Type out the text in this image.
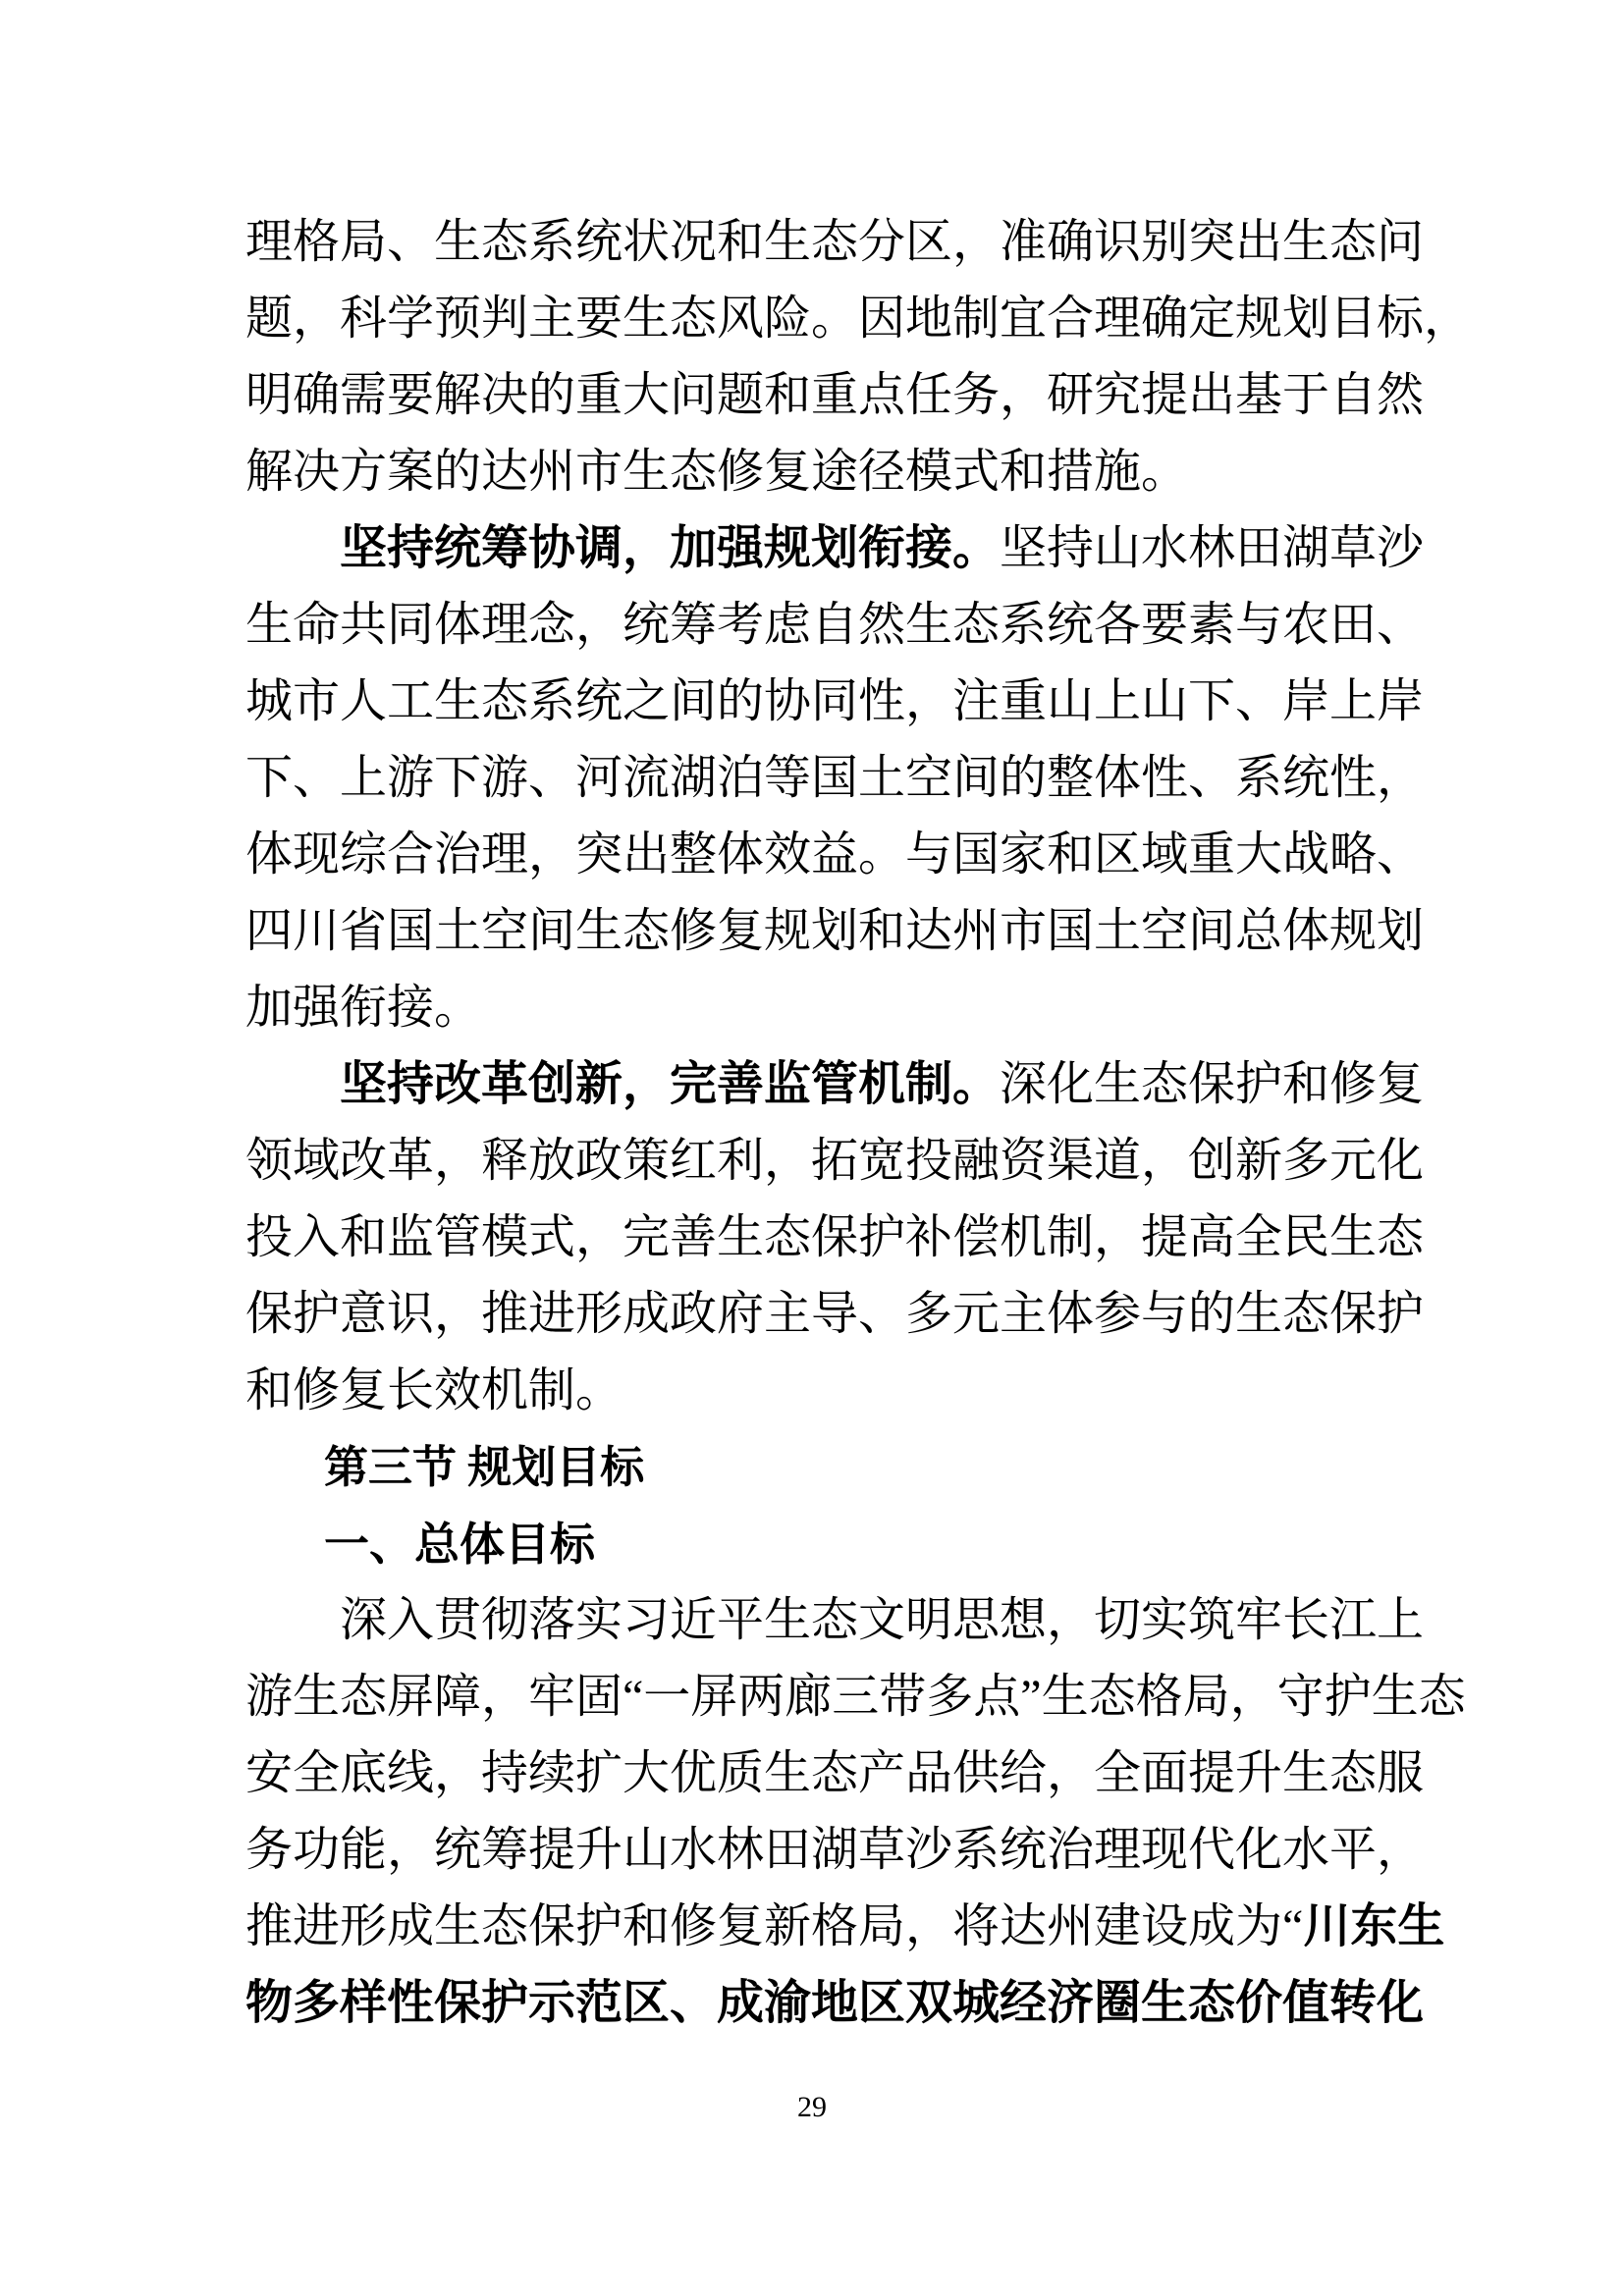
理格局、生态系统状况和生态分区，准确识别突出生态问
题，科学预判主要生态风险。因地制宜合理确定规划目标，
明确需要解决的重大问题和重点任务，研究提出基于自然
解决方案的达州市生态修复途径模式和措施。
坚持统筹协调，加强规划衔接。坚持山水林田湖草沙
生命共同体理念，统筹考虑自然生态系统各要素与农田、
城市人工生态系统之间的协同性，注重山上山下、岸上岸
下、上游下游、河流湖泊等国土空间的整体性、系统性，
体现综合治理，突出整体效益。与国家和区域重大战略、
四川省国土空间生态修复规划和达州市国土空间总体规划
加强衔接。
坚持改革创新，完善监管机制。深化生态保护和修复
领域改革，释放政策红利，拓宽投融资渠道，创新多元化
投入和监管模式，完善生态保护补偿机制，提高全民生态
保护意识，推进形成政府主导、多元主体参与的生态保护
和修复长效机制。
第三节 规划目标
一、总体目标
深入贯彻落实习近平生态文明思想，切实筑牢长江上
游生态屏障，牢固“一屏两廊三带多点”生态格局，守护生态
安全底线，持续扩大优质生态产品供给，全面提升生态服
务功能，统筹提升山水林田湖草沙系统治理现代化水平，
推进形成生态保护和修复新格局，将达州建设成为“川东生
物多样性保护示范区、成渝地区双城经济圈生态价值转化
29
